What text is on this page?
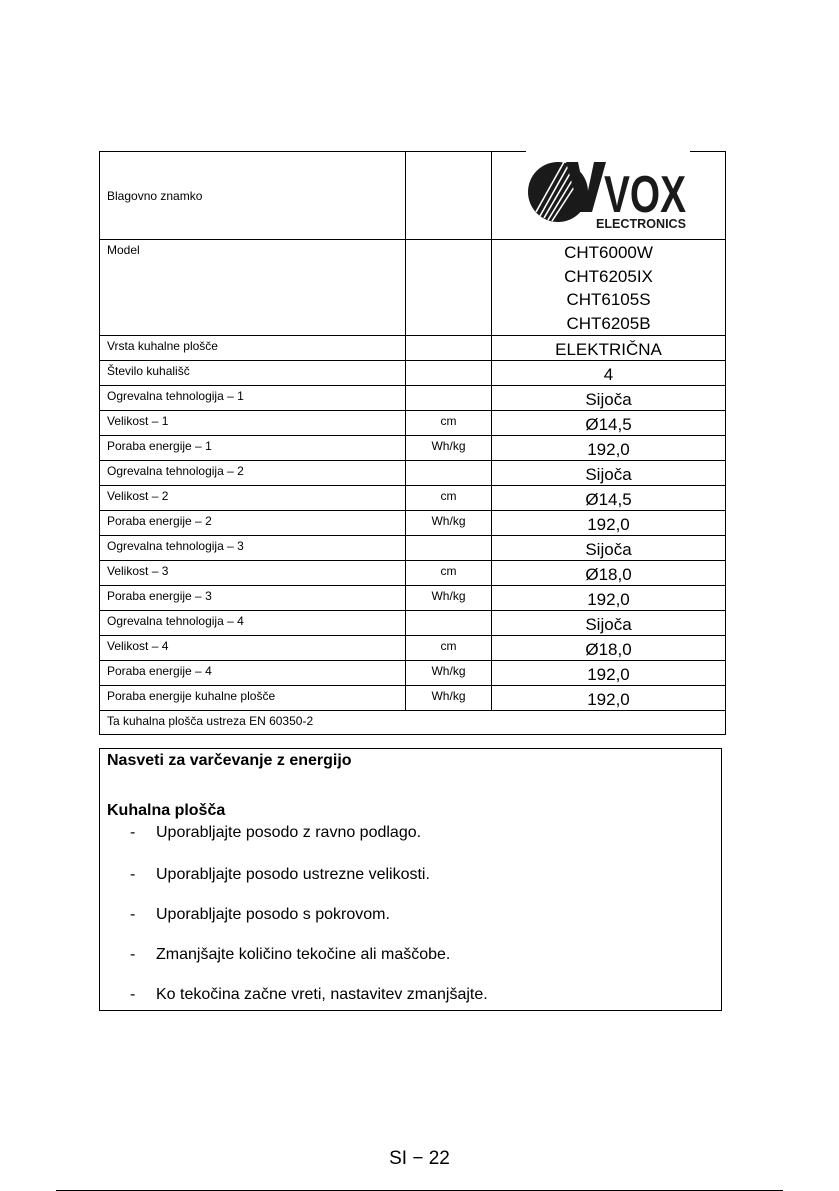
Blagovno znamko		VOX
ELECTRONICS

Model		CHT6000W
CHT6205IX
CHT6105S
CHT6205B

Vrsta kuhalne plošče		ELEKTRIČNA
Število kuhališč		4
Ogrevalna tehnologija – 1		Sijoča
Velikost – 1	cm	Ø14,5
Poraba energije – 1	Wh/kg	192,0
Ogrevalna tehnologija – 2		Sijoča
Velikost – 2	cm	Ø14,5
Poraba energije – 2	Wh/kg	192,0
Ogrevalna tehnologija – 3		Sijoča
Velikost – 3	cm	Ø18,0
Poraba energije – 3	Wh/kg	192,0
Ogrevalna tehnologija – 4		Sijoča
Velikost – 4	cm	Ø18,0
Poraba energije – 4	Wh/kg	192,0
Poraba energije kuhalne plošče	Wh/kg	192,0
Ta kuhalna plošča ustreza EN 60350-2		
Nasveti za varčevanje z energijo
Kuhalna plošča
- Uporabljajte posodo z ravno podlago.
- Uporabljajte posodo ustrezne velikosti.
- Uporabljajte posodo s pokrovom.
- Zmanjšajte količino tekočine ali maščobe.
- Ko tekočina začne vreti, nastavitev zmanjšajte.
SI − 22
